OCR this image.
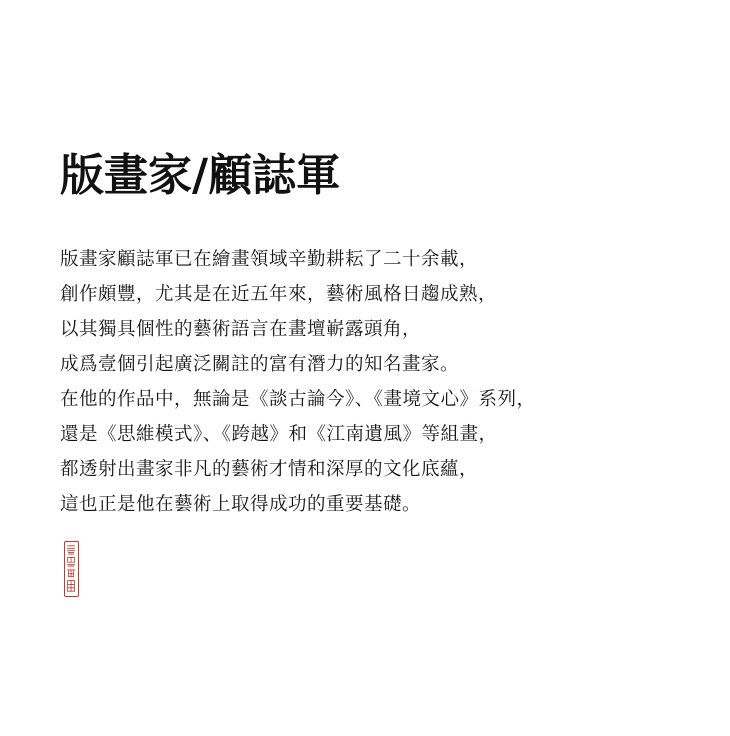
版畫家/顧誌軍
版畫家顧誌軍已在繪畫領域辛勤耕耘了二十余載，
創作頗豐，尤其是在近五年來，藝術風格日趨成熟，
以其獨具個性的藝術語言在畫壇嶄露頭角，
成爲壹個引起廣泛關註的富有潛力的知名畫家。
在他的作品中，無論是《談古論今》、《畫境文心》系列，
還是《思維模式》、《跨越》和《江南遺風》等組畫，
都透射出畫家非凡的藝術才情和深厚的文化底蘊，
這也正是他在藝術上取得成功的重要基礎。
